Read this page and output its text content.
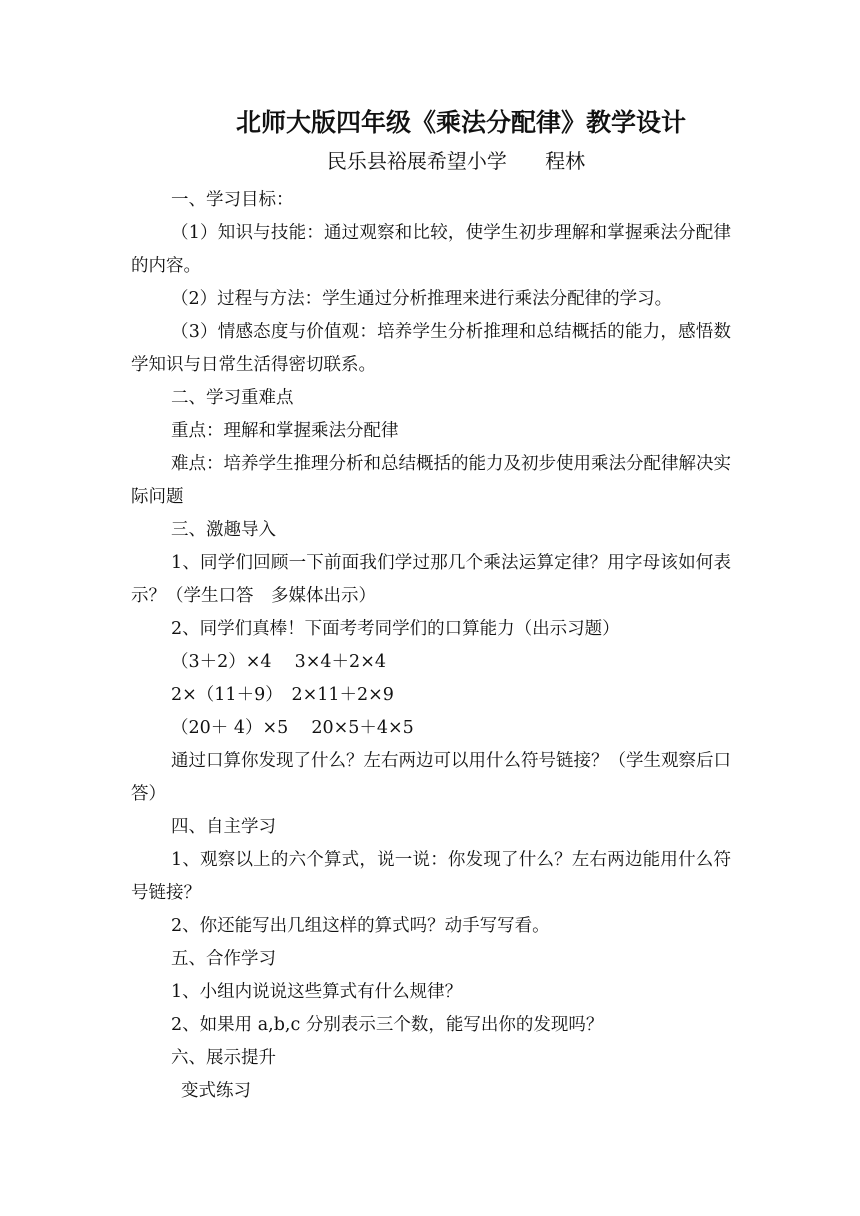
北师大版四年级《乘法分配律》教学设计

民乐县裕展希望小学      程林

一、学习目标：

（1）知识与技能：通过观察和比较，使学生初步理解和掌握乘法分配律的内容。

（2）过程与方法：学生通过分析推理来进行乘法分配律的学习。

（3）情感态度与价值观：培养学生分析推理和总结概括的能力，感悟数学知识与日常生活得密切联系。

二、学习重难点

重点：理解和掌握乘法分配律

难点：培养学生推理分析和总结概括的能力及初步使用乘法分配律解决实际问题

三、激趣导入

1、同学们回顾一下前面我们学过那几个乘法运算定律？用字母该如何表示？（学生口答　多媒体出示）

2、同学们真棒！下面考考同学们的口算能力（出示习题）

（3＋2）×4　 3×4＋2×4

2×（11＋9）　2×11＋2×9

（20＋ 4）×5　 20×5＋4×5

通过口算你发现了什么？左右两边可以用什么符号链接？（学生观察后口答）

四、自主学习

1、观察以上的六个算式，说一说：你发现了什么？左右两边能用什么符号链接？

2、你还能写出几组这样的算式吗？动手写写看。

五、合作学习

1、小组内说说这些算式有什么规律？

2、如果用 a,b,c 分别表示三个数，能写出你的发现吗？

六、展示提升

变式练习
